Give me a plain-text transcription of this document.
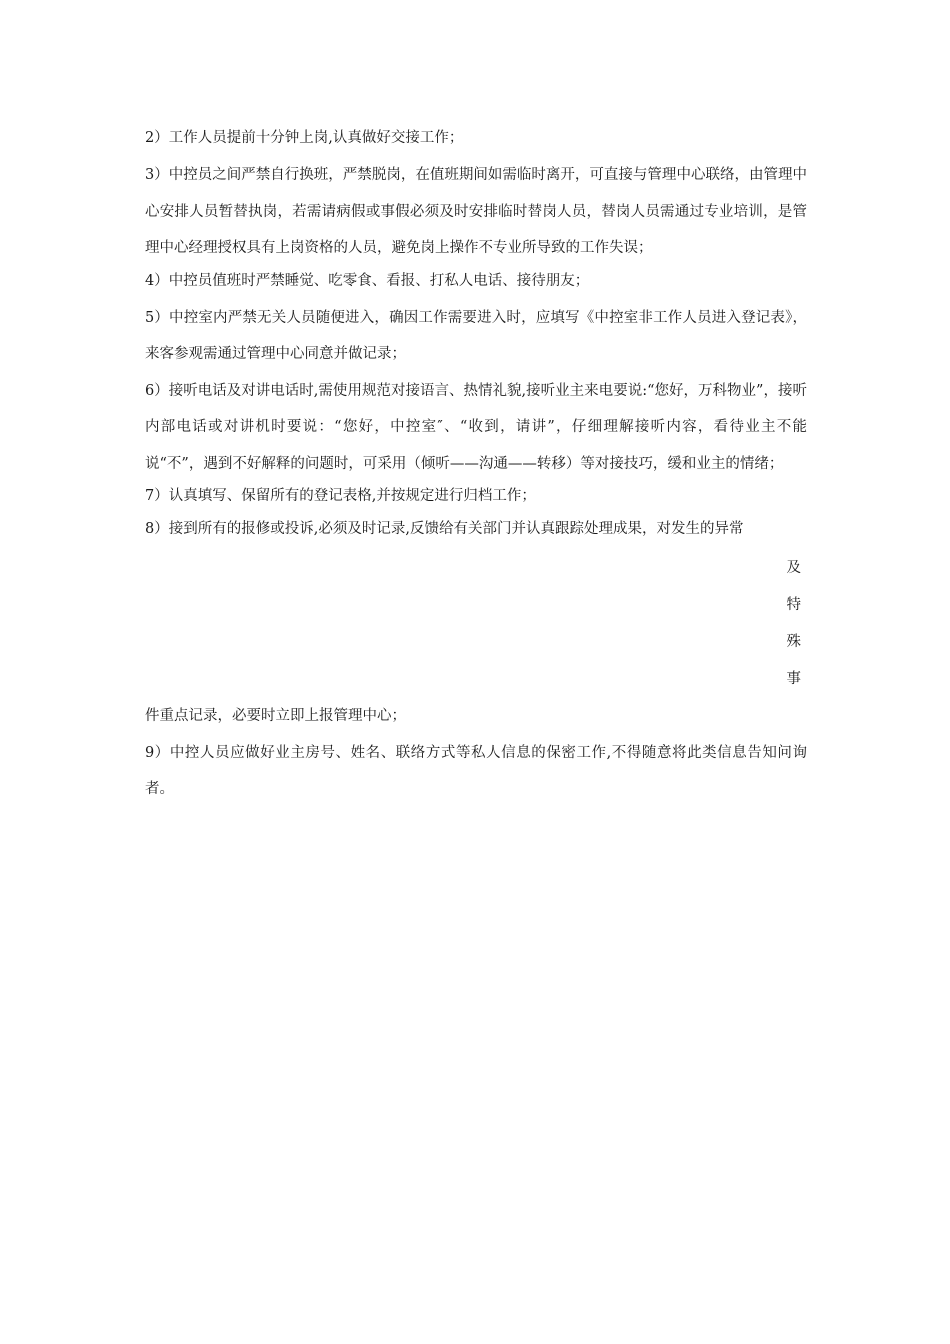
2）工作人员提前十分钟上岗,认真做好交接工作；

3）中控员之间严禁自行换班，严禁脱岗，在值班期间如需临时离开，可直接与管理中心联络，由管理中心安排人员暂替执岗，若需请病假或事假必须及时安排临时替岗人员，替岗人员需通过专业培训，是管理中心经理授权具有上岗资格的人员，避免岗上操作不专业所导致的工作失误；

4）中控员值班时严禁睡觉、吃零食、看报、打私人电话、接待朋友；

5）中控室内严禁无关人员随便进入，确因工作需要进入时，应填写《中控室非工作人员进入登记表》，来客参观需通过管理中心同意并做记录；

6）接听电话及对讲电话时,需使用规范对接语言、热情礼貌,接听业主来电要说:“您好，万科物业”，接听内部电话或对讲机时要说：“您好，中控室″、“收到，请讲”，仔细理解接听内容，看待业主不能说“不”，遇到不好解释的问题时，可采用（倾听——沟通——转移）等对接技巧，缓和业主的情绪；

7）认真填写、保留所有的登记表格,并按规定进行归档工作；

8）接到所有的报修或投诉,必须及时记录,反馈给有关部门并认真跟踪处理成果，对发生的异常

及
特
殊
事

件重点记录，必要时立即上报管理中心；

9）中控人员应做好业主房号、姓名、联络方式等私人信息的保密工作,不得随意将此类信息告知问询者。
